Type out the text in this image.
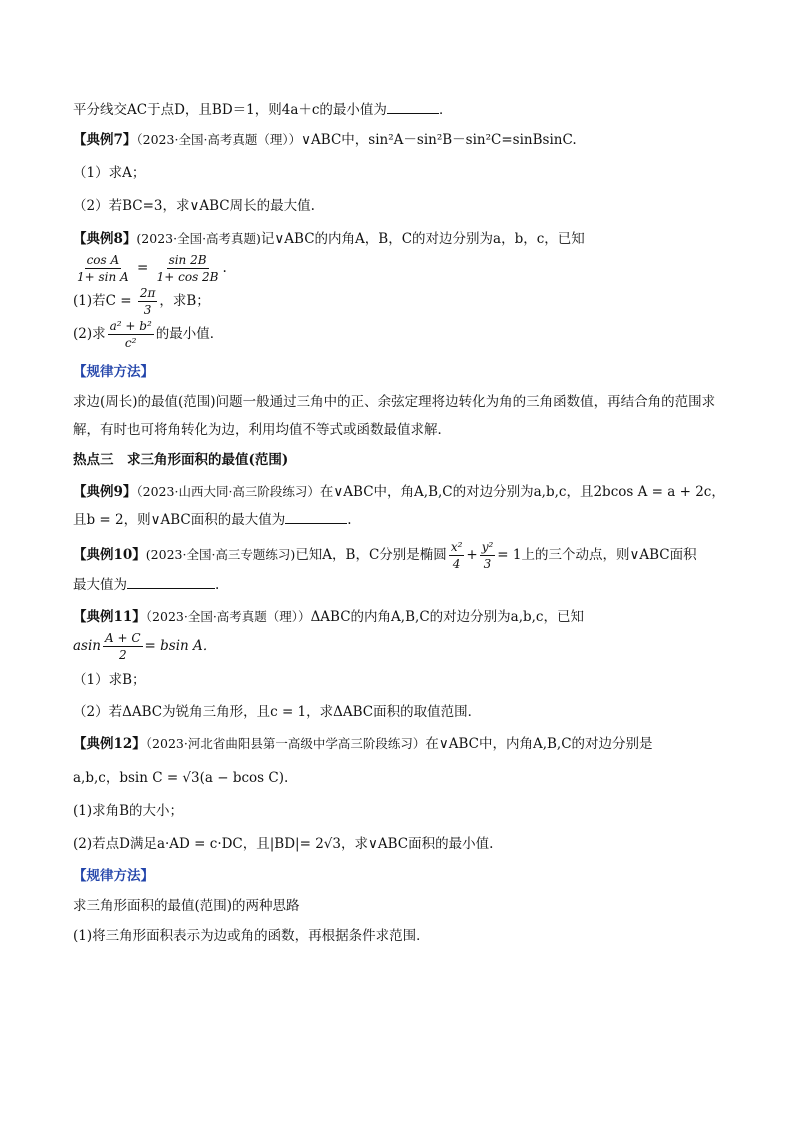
平分线交AC于点D，且BD＝1，则4a＋c的最小值为	．
【典例7】（2023·全国·高考真题（理））∨ABC中，sin²A－sin²B－sin²C=sinBsinC.
（1）求A；
（2）若BC=3，求∨ABC周长的最大值.
【典例8】(2023·全国·高考真题)记∨ABC的内角A，B，C的对边分别为a，b，c，已知
$\frac{\text{cos A}}{\text{1+ sin A}} = \frac{\sin 2B}{1+ \cos 2B}$ .
(1)若$C = \frac{2\pi}{3}$ ，求B；
(2)求 $\frac{\text{a² + b²}}{\text{c²}}$ 的最小值．
【规律方法】
求边(周长)的最值(范围)问题一般通过三角中的正、余弦定理将边转化为角的三角函数值，再结合角的范围求解，有时也可将角转化为边，利用均值不等式或函数最值求解．
热点三　求三角形面积的最值(范围)
【典例9】（2023·山西大同·高三阶段练习）在∨ABC中，角A,B,C的对边分别为a,b,c，且2bcos A = a + 2c，
且b = 2，则∨ABC面积的最大值为	.
【典例10】(2023·全国·高三专题练习)已知A，B，C分别是椭圆 $\frac{\text{x²}}{4} + \frac{\text{y²}}{3} = 1$上的三个动点，则∨ABC面积
最大值为	.
【典例11】（2023·全国·高考真题（理））ΔABC的内角A,B,C的对边分别为a,b,c，已知
asin $\frac{A + C}{2} = bsin$ A．
（1）求B；
（2）若ΔABC为锐角三角形，且c = 1，求ΔABC面积的取值范围．
【典例12】（2023·河北省曲阳县第一高级中学高三阶段练习）在∨ABC中，内角A,B,C的对边分别是
a,b,c，bsin C = √3(a − bcos C).
(1)求角B的大小；
(2)若点D满足a·AD = c·DC，且|BD|= 2√3，求∨ABC面积的最小值.
【规律方法】
求三角形面积的最值(范围)的两种思路
(1)将三角形面积表示为边或角的函数，再根据条件求范围．
